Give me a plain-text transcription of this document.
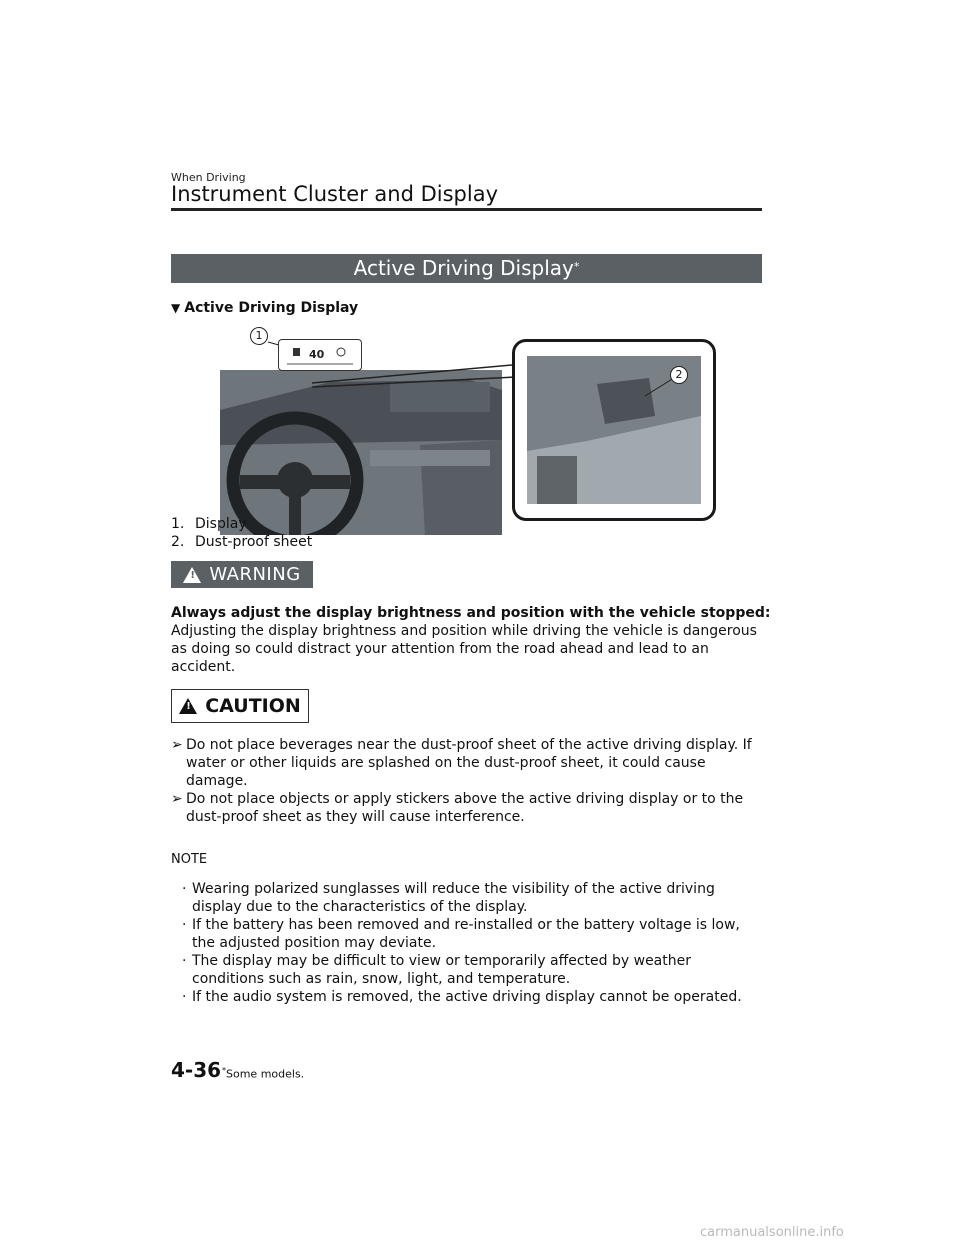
When Driving
Instrument Cluster and Display
Active Driving Display*
▼ Active Driving Display
40
1
2
1. Display
2. Dust-proof sheet
! WARNING
Always adjust the display brightness and position with the vehicle stopped:
Adjusting the display brightness and position while driving the vehicle is dangerous as doing so could distract your attention from the road ahead and lead to an accident.
! CAUTION
➢ Do not place beverages near the dust-proof sheet of the active driving display. If water or other liquids are splashed on the dust-proof sheet, it could cause damage.
➢ Do not place objects or apply stickers above the active driving display or to the dust-proof sheet as they will cause interference.
NOTE
· Wearing polarized sunglasses will reduce the visibility of the active driving display due to the characteristics of the display.
· If the battery has been removed and re-installed or the battery voltage is low, the adjusted position may deviate.
· The display may be difficult to view or temporarily affected by weather conditions such as rain, snow, light, and temperature.
· If the audio system is removed, the active driving display cannot be operated.
4-36 *Some models.
carmanualsonline.info
